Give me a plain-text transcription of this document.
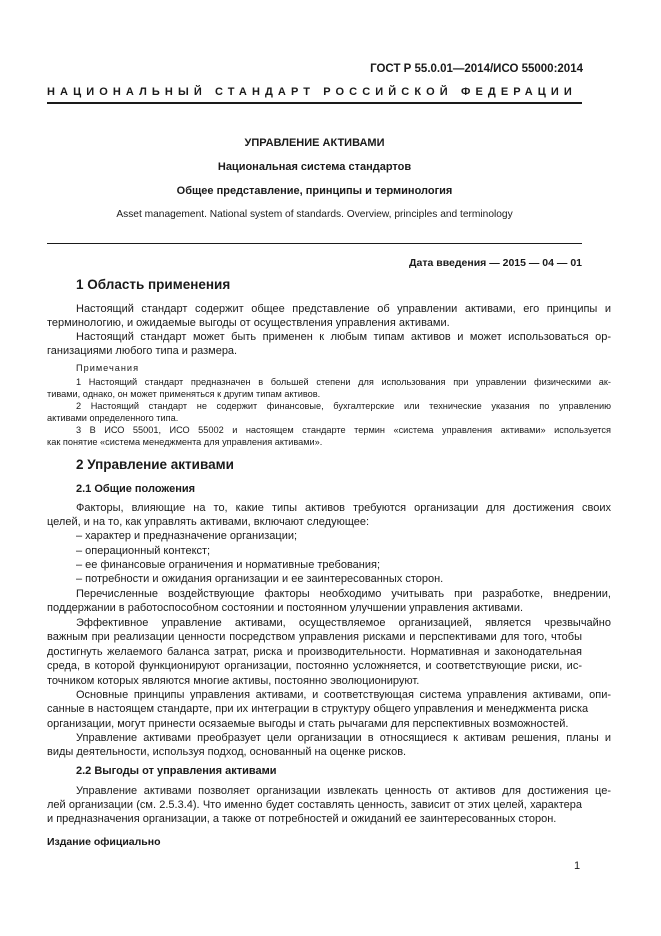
ГОСТ Р 55.0.01—2014/ИСО 55000:2014
НАЦИОНАЛЬНЫЙ СТАНДАРТ РОССИЙСКОЙ ФЕДЕРАЦИИ
УПРАВЛЕНИЕ АКТИВАМИ
Национальная система стандартов
Общее представление, принципы и терминология
Asset management. National system of standards. Overview, principles and terminology
Дата введения — 2015 — 04 — 01
1 Область применения
Настоящий стандарт содержит общее представление об управлении активами, его принципы и
терминологию, и ожидаемые выгоды от осуществления управления активами.
Настоящий стандарт может быть применен к любым типам активов и может использоваться ор-
ганизациями любого типа и размера.
Примечания
1 Настоящий стандарт предназначен в большей степени для использования при управлении физическими ак-
тивами, однако, он может применяться к другим типам активов.
2 Настоящий стандарт не содержит финансовые, бухгалтерские или технические указания по управлению
активами определенного типа.
3 В ИСО 55001, ИСО 55002 и настоящем стандарте термин «система управления активами» используется
как понятие «система менеджмента для управления активами».
2 Управление активами
2.1 Общие положения
Факторы, влияющие на то, какие типы активов требуются организации для достижения своих
целей, и на то, как управлять активами, включают следующее:
– характер и предназначение организации;
– операционный контекст;
– ее финансовые ограничения и нормативные требования;
– потребности и ожидания организации и ее заинтересованных сторон.
Перечисленные воздействующие факторы необходимо учитывать при разработке, внедрении,
поддержании в работоспособном состоянии и постоянном улучшении управления активами.
Эффективное управление активами, осуществляемое организацией, является чрезвычайно
важным при реализации ценности посредством управления рисками и перспективами для того, чтобы
достигнуть желаемого баланса затрат, риска и производительности. Нормативная и законодательная
среда, в которой функционируют организации, постоянно усложняется, и соответствующие риски, ис-
точником которых являются многие активы, постоянно эволюционируют.
Основные принципы управления активами, и соответствующая система управления активами, опи-
санные в настоящем стандарте, при их интеграции в структуру общего управления и менеджмента риска
организации, могут принести осязаемые выгоды и стать рычагами для перспективных возможностей.
Управление активами преобразует цели организации в относящиеся к активам решения, планы и
виды деятельности, используя подход, основанный на оценке рисков.
2.2 Выгоды от управления активами
Управление активами позволяет организации извлекать ценность от активов для достижения це-
лей организации (см. 2.5.3.4). Что именно будет составлять ценность, зависит от этих целей, характера
и предназначения организации, а также от потребностей и ожиданий ее заинтересованных сторон.
Издание официально
1
